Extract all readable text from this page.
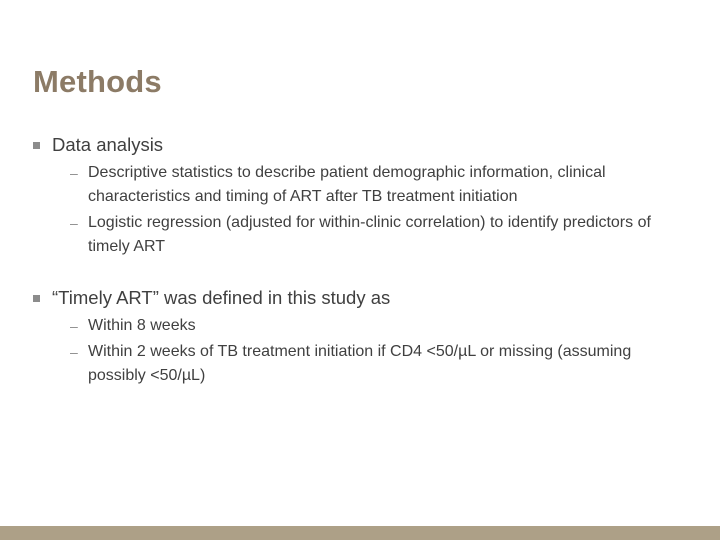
Methods
Data analysis
– Descriptive statistics to describe patient demographic information, clinical characteristics and timing of ART after TB treatment initiation
– Logistic regression (adjusted for within-clinic correlation) to identify predictors of timely ART
“Timely ART” was defined in this study as
– Within 8 weeks
– Within 2 weeks of TB treatment initiation if CD4 <50/µL or missing (assuming possibly <50/µL)
